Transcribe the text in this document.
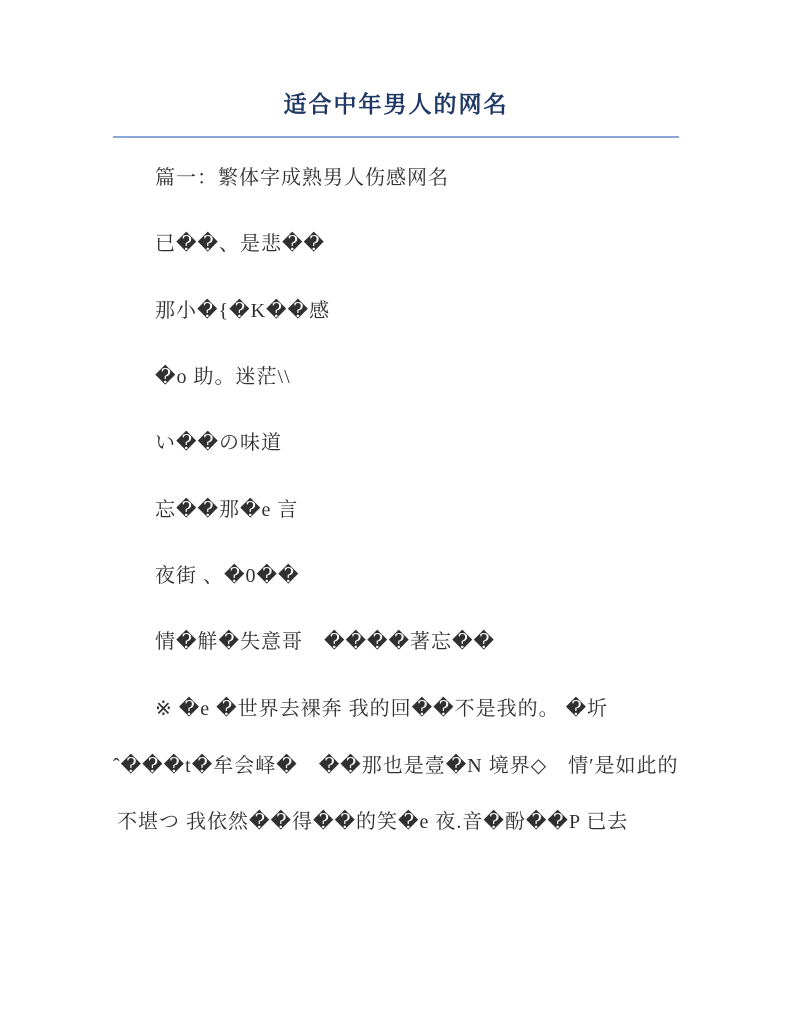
适合中年男人的网名

篇一：繁体字成熟男人伤感网名

已��、是悲��

那小�{�K��感

�o 助。迷茫\\

い��の味道

忘��那�e 言

夜街 、�0��

情�觧�失意哥　����著忘��

※ �e �世界去裸奔 我的回��不是我的。 �圻

ˆ���t�牟会峄�　��那也是壹�N 境界◇　情′是如此的

不堪つ 我依然��得��的笑�e 夜.音�酚��P 已去
